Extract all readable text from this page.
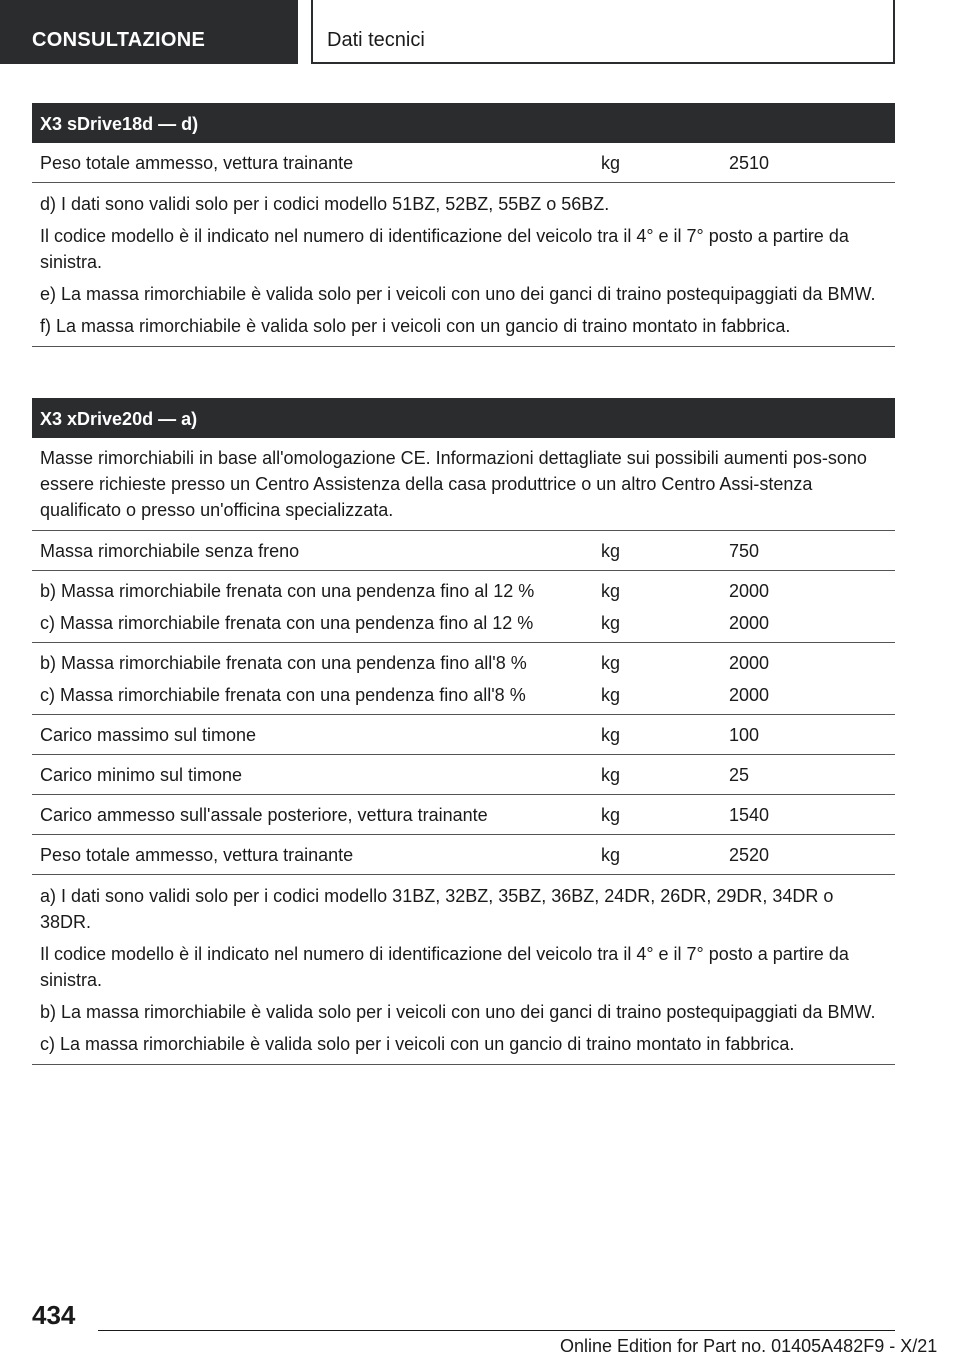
CONSULTAZIONE	Dati tecnici
X3 sDrive18d — d)
Peso totale ammesso, vettura trainante	kg	2510

d) I dati sono validi solo per i codici modello 51BZ, 52BZ, 55BZ o 56BZ.

Il codice modello è il indicato nel numero di identificazione del veicolo tra il 4° e il 7° posto a partire da sinistra.

e) La massa rimorchiabile è valida solo per i veicoli con uno dei ganci di traino postequipaggiati da BMW.

f) La massa rimorchiabile è valida solo per i veicoli con un gancio di traino montato in fabbrica.

X3 xDrive20d — a)
Masse rimorchiabili in base all'omologazione CE. Informazioni dettagliate sui possibili aumenti pos-sono essere richieste presso un Centro Assistenza della casa produttrice o un altro Centro Assi-stenza qualificato o presso un'officina specializzata.
Massa rimorchiabile senza freno	kg	750
b) Massa rimorchiabile frenata con una pendenza fino al 12 %	kg	2000
c) Massa rimorchiabile frenata con una pendenza fino al 12 %	kg	2000
b) Massa rimorchiabile frenata con una pendenza fino all'8 %	kg	2000
c) Massa rimorchiabile frenata con una pendenza fino all'8 %	kg	2000
Carico massimo sul timone	kg	100
Carico minimo sul timone	kg	25
Carico ammesso sull'assale posteriore, vettura trainante	kg	1540
Peso totale ammesso, vettura trainante	kg	2520

a) I dati sono validi solo per i codici modello 31BZ, 32BZ, 35BZ, 36BZ, 24DR, 26DR, 29DR, 34DR o 38DR.

Il codice modello è il indicato nel numero di identificazione del veicolo tra il 4° e il 7° posto a partire da sinistra.

b) La massa rimorchiabile è valida solo per i veicoli con uno dei ganci di traino postequipaggiati da BMW.

c) La massa rimorchiabile è valida solo per i veicoli con un gancio di traino montato in fabbrica.

434
Online Edition for Part no. 01405A482F9 - X/21
